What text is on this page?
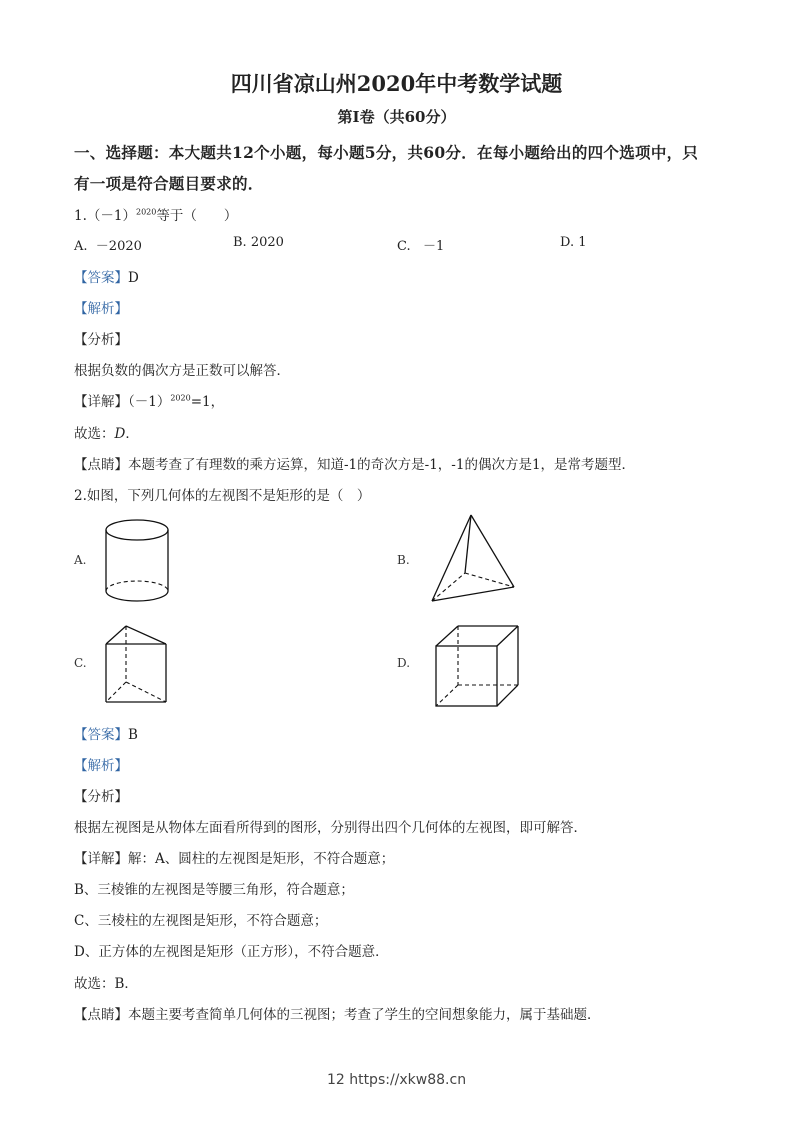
四川省凉山州2020年中考数学试题
第Ⅰ卷（共60分）
一、选择题：本大题共12个小题，每小题5分，共60分．在每小题给出的四个选项中，只
有一项是符合题目要求的．
$1.(-1)^{2020}$等于（　　）
A. －2020	B. 2020	C. －1	D. 1
【答案】D
【解析】
【分析】
根据负数的偶次方是正数可以解答．
【详解】$(-1)^{2020}=1$，
故选：D．
【点睛】本题考查了有理数的乘方运算，知道-1的奇次方是-1，-1的偶次方是1，是常考题型．
2.如图，下列几何体的左视图不是矩形的是（　）
A.	B.
C.	D.
【答案】B
【解析】
【分析】
根据左视图是从物体左面看所得到的图形，分别得出四个几何体的左视图，即可解答．
【详解】解：A、圆柱的左视图是矩形，不符合题意；
B、三棱锥的左视图是等腰三角形，符合题意；
C、三棱柱的左视图是矩形，不符合题意；
D、正方体的左视图是矩形（正方形），不符合题意．
故选：B．
【点睛】本题主要考查简单几何体的三视图；考查了学生的空间想象能力，属于基础题．
12 https://xkw88.cn
